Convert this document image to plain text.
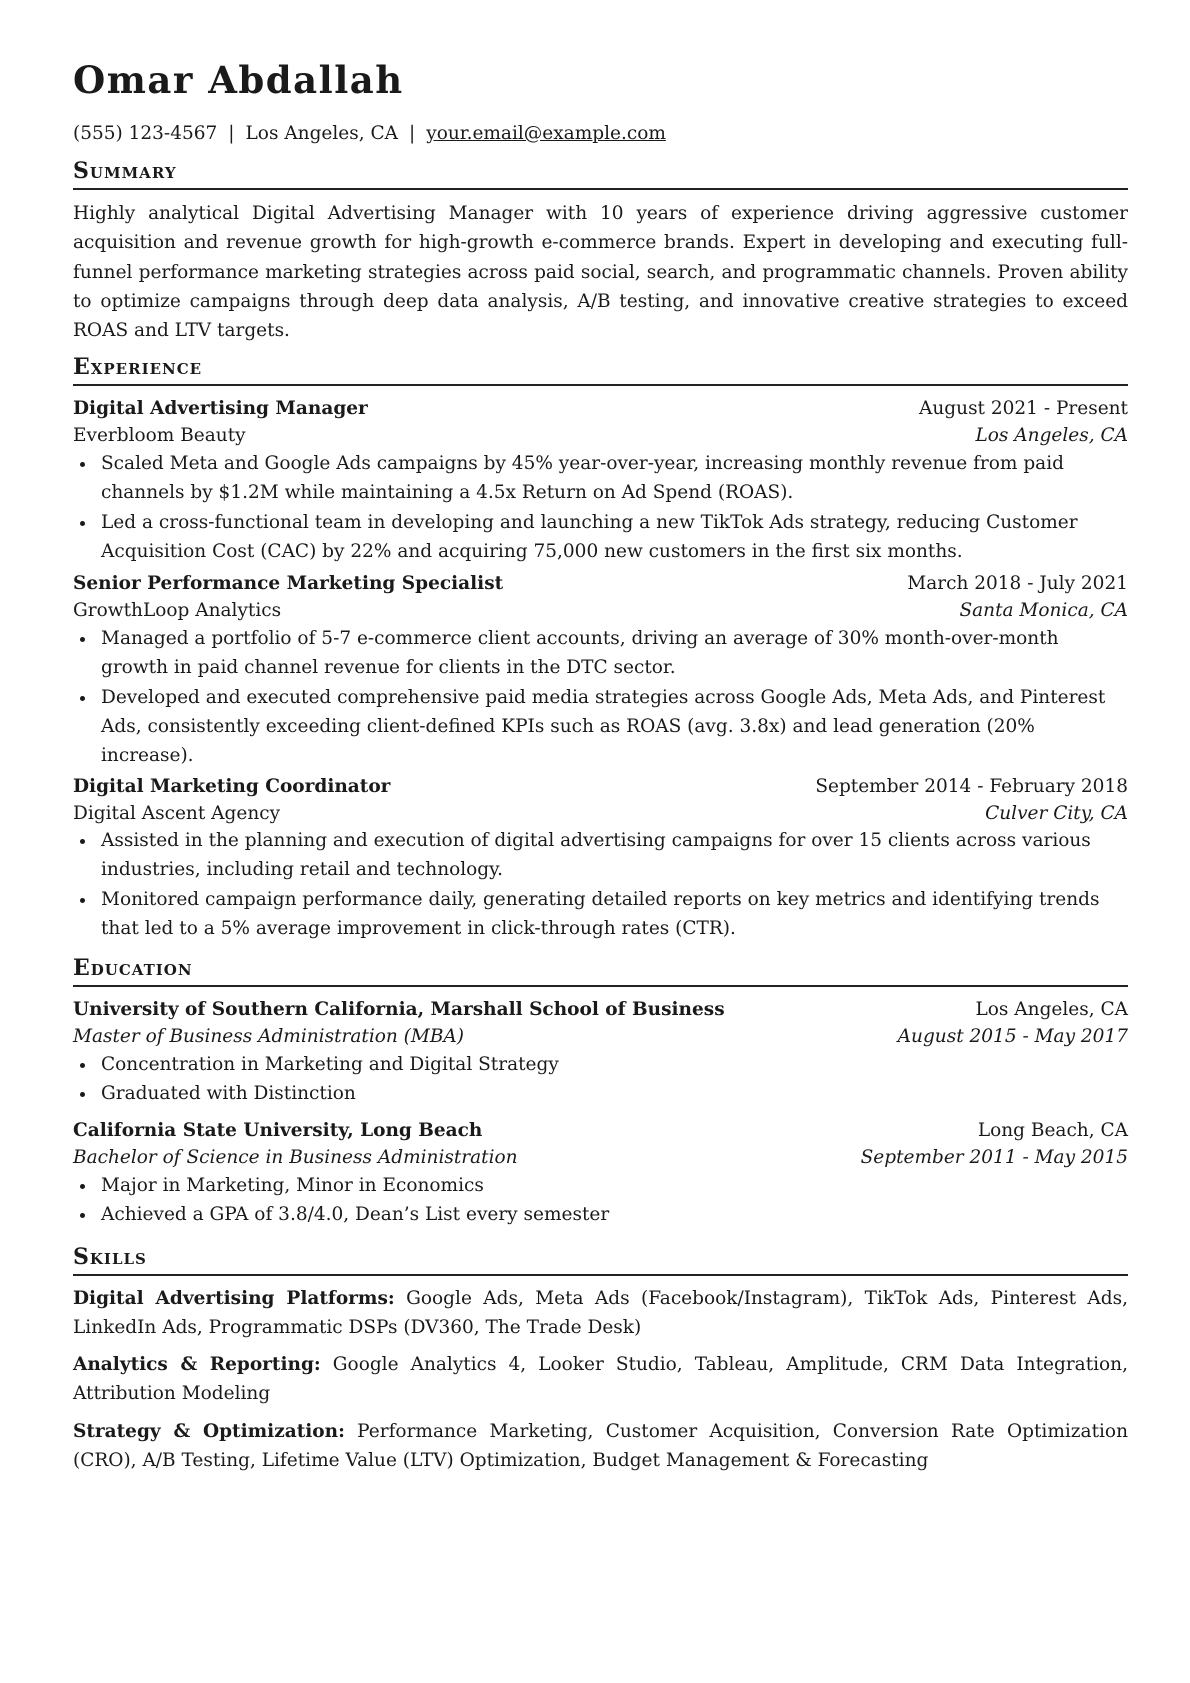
Omar Abdallah
(555) 123-4567 | Los Angeles, CA | your.email@example.com
Summary
Highly analytical Digital Advertising Manager with 10 years of experience driving aggressive customer acquisition and revenue growth for high-growth e-commerce brands. Expert in developing and executing full-funnel performance marketing strategies across paid social, search, and programmatic channels. Proven ability to optimize campaigns through deep data analysis, A/B testing, and innovative creative strategies to exceed ROAS and LTV targets.
Experience
Digital Advertising Manager	August 2021 - Present
Everbloom Beauty	Los Angeles, CA
Scaled Meta and Google Ads campaigns by 45% year-over-year, increasing monthly revenue from paid channels by $1.2M while maintaining a 4.5x Return on Ad Spend (ROAS).
Led a cross-functional team in developing and launching a new TikTok Ads strategy, reducing Customer Acquisition Cost (CAC) by 22% and acquiring 75,000 new customers in the first six months.
Senior Performance Marketing Specialist	March 2018 - July 2021
GrowthLoop Analytics	Santa Monica, CA
Managed a portfolio of 5-7 e-commerce client accounts, driving an average of 30% month-over-month growth in paid channel revenue for clients in the DTC sector.
Developed and executed comprehensive paid media strategies across Google Ads, Meta Ads, and Pinterest Ads, consistently exceeding client-defined KPIs such as ROAS (avg. 3.8x) and lead generation (20% increase).
Digital Marketing Coordinator	September 2014 - February 2018
Digital Ascent Agency	Culver City, CA
Assisted in the planning and execution of digital advertising campaigns for over 15 clients across various industries, including retail and technology.
Monitored campaign performance daily, generating detailed reports on key metrics and identifying trends that led to a 5% average improvement in click-through rates (CTR).
Education
University of Southern California, Marshall School of Business	Los Angeles, CA
Master of Business Administration (MBA)	August 2015 - May 2017
Concentration in Marketing and Digital Strategy
Graduated with Distinction
California State University, Long Beach	Long Beach, CA
Bachelor of Science in Business Administration	September 2011 - May 2015
Major in Marketing, Minor in Economics
Achieved a GPA of 3.8/4.0, Dean’s List every semester
Skills
Digital Advertising Platforms: Google Ads, Meta Ads (Facebook/Instagram), TikTok Ads, Pinterest Ads, LinkedIn Ads, Programmatic DSPs (DV360, The Trade Desk)
Analytics & Reporting: Google Analytics 4, Looker Studio, Tableau, Amplitude, CRM Data Integration, Attribution Modeling
Strategy & Optimization: Performance Marketing, Customer Acquisition, Conversion Rate Optimization (CRO), A/B Testing, Lifetime Value (LTV) Optimization, Budget Management & Forecasting
